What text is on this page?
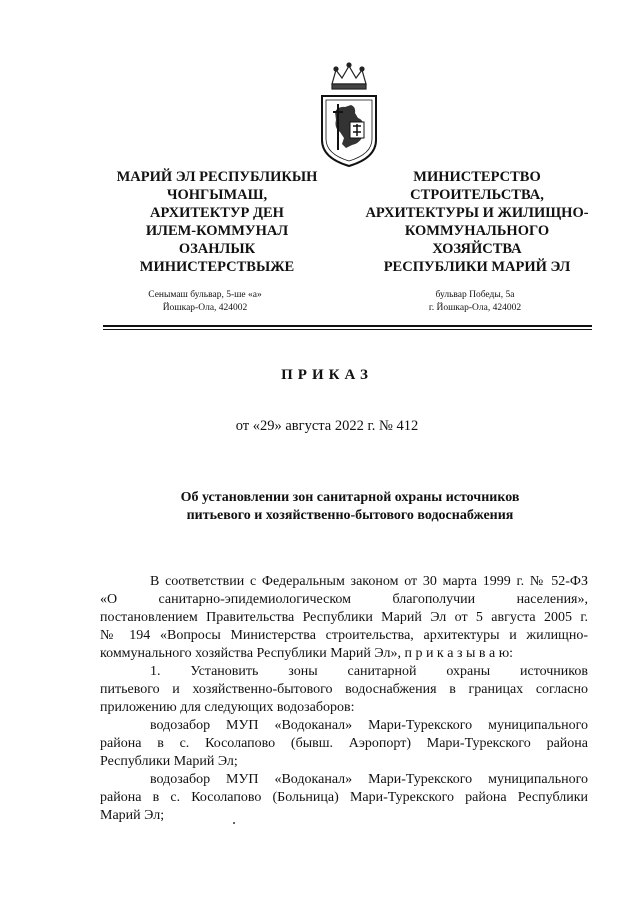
МАРИЙ ЭЛ РЕСПУБЛИКЫН
ЧОНГЫМАШ,
АРХИТЕКТУР ДЕН
ИЛЕМ-КОММУНАЛ
ОЗАНЛЫК
МИНИСТЕРСТВЫЖЕ
МИНИСТЕРСТВО
СТРОИТЕЛЬСТВА,
АРХИТЕКТУРЫ И ЖИЛИЩНО-
КОММУНАЛЬНОГО
ХОЗЯЙСТВА
РЕСПУБЛИКИ МАРИЙ ЭЛ
Сенымаш бульвар, 5-ше «а»
Йошкар-Ола, 424002
бульвар Победы, 5а
г. Йошкар-Ола, 424002
ПРИКАЗ
от «29» августа 2022 г. № 412
Об установлении зон санитарной охраны источников
питьевого и хозяйственно-бытового водоснабжения

В соответствии с Федеральным законом от 30 марта 1999 г. № 52-ФЗ

«О санитарно-эпидемиологическом благополучии населения»,

постановлением Правительства Республики Марий Эл от 5 августа 2005 г.

№ 194 «Вопросы Министерства строительства, архитектуры и жилищно-

коммунального хозяйства Республики Марий Эл», п р и к а з ы в а ю:

1. Установить зоны санитарной охраны источников

питьевого и хозяйственно-бытового водоснабжения в границах согласно

приложению для следующих водозаборов:

водозабор МУП «Водоканал» Мари-Турекского муниципального

района в с. Косолапово (бывш. Аэропорт) Мари-Турекского района

Республики Марий Эл;

водозабор МУП «Водоканал» Мари-Турекского муниципального

района в с. Косолапово (Больница) Мари-Турекского района Республики

Марий Эл;
